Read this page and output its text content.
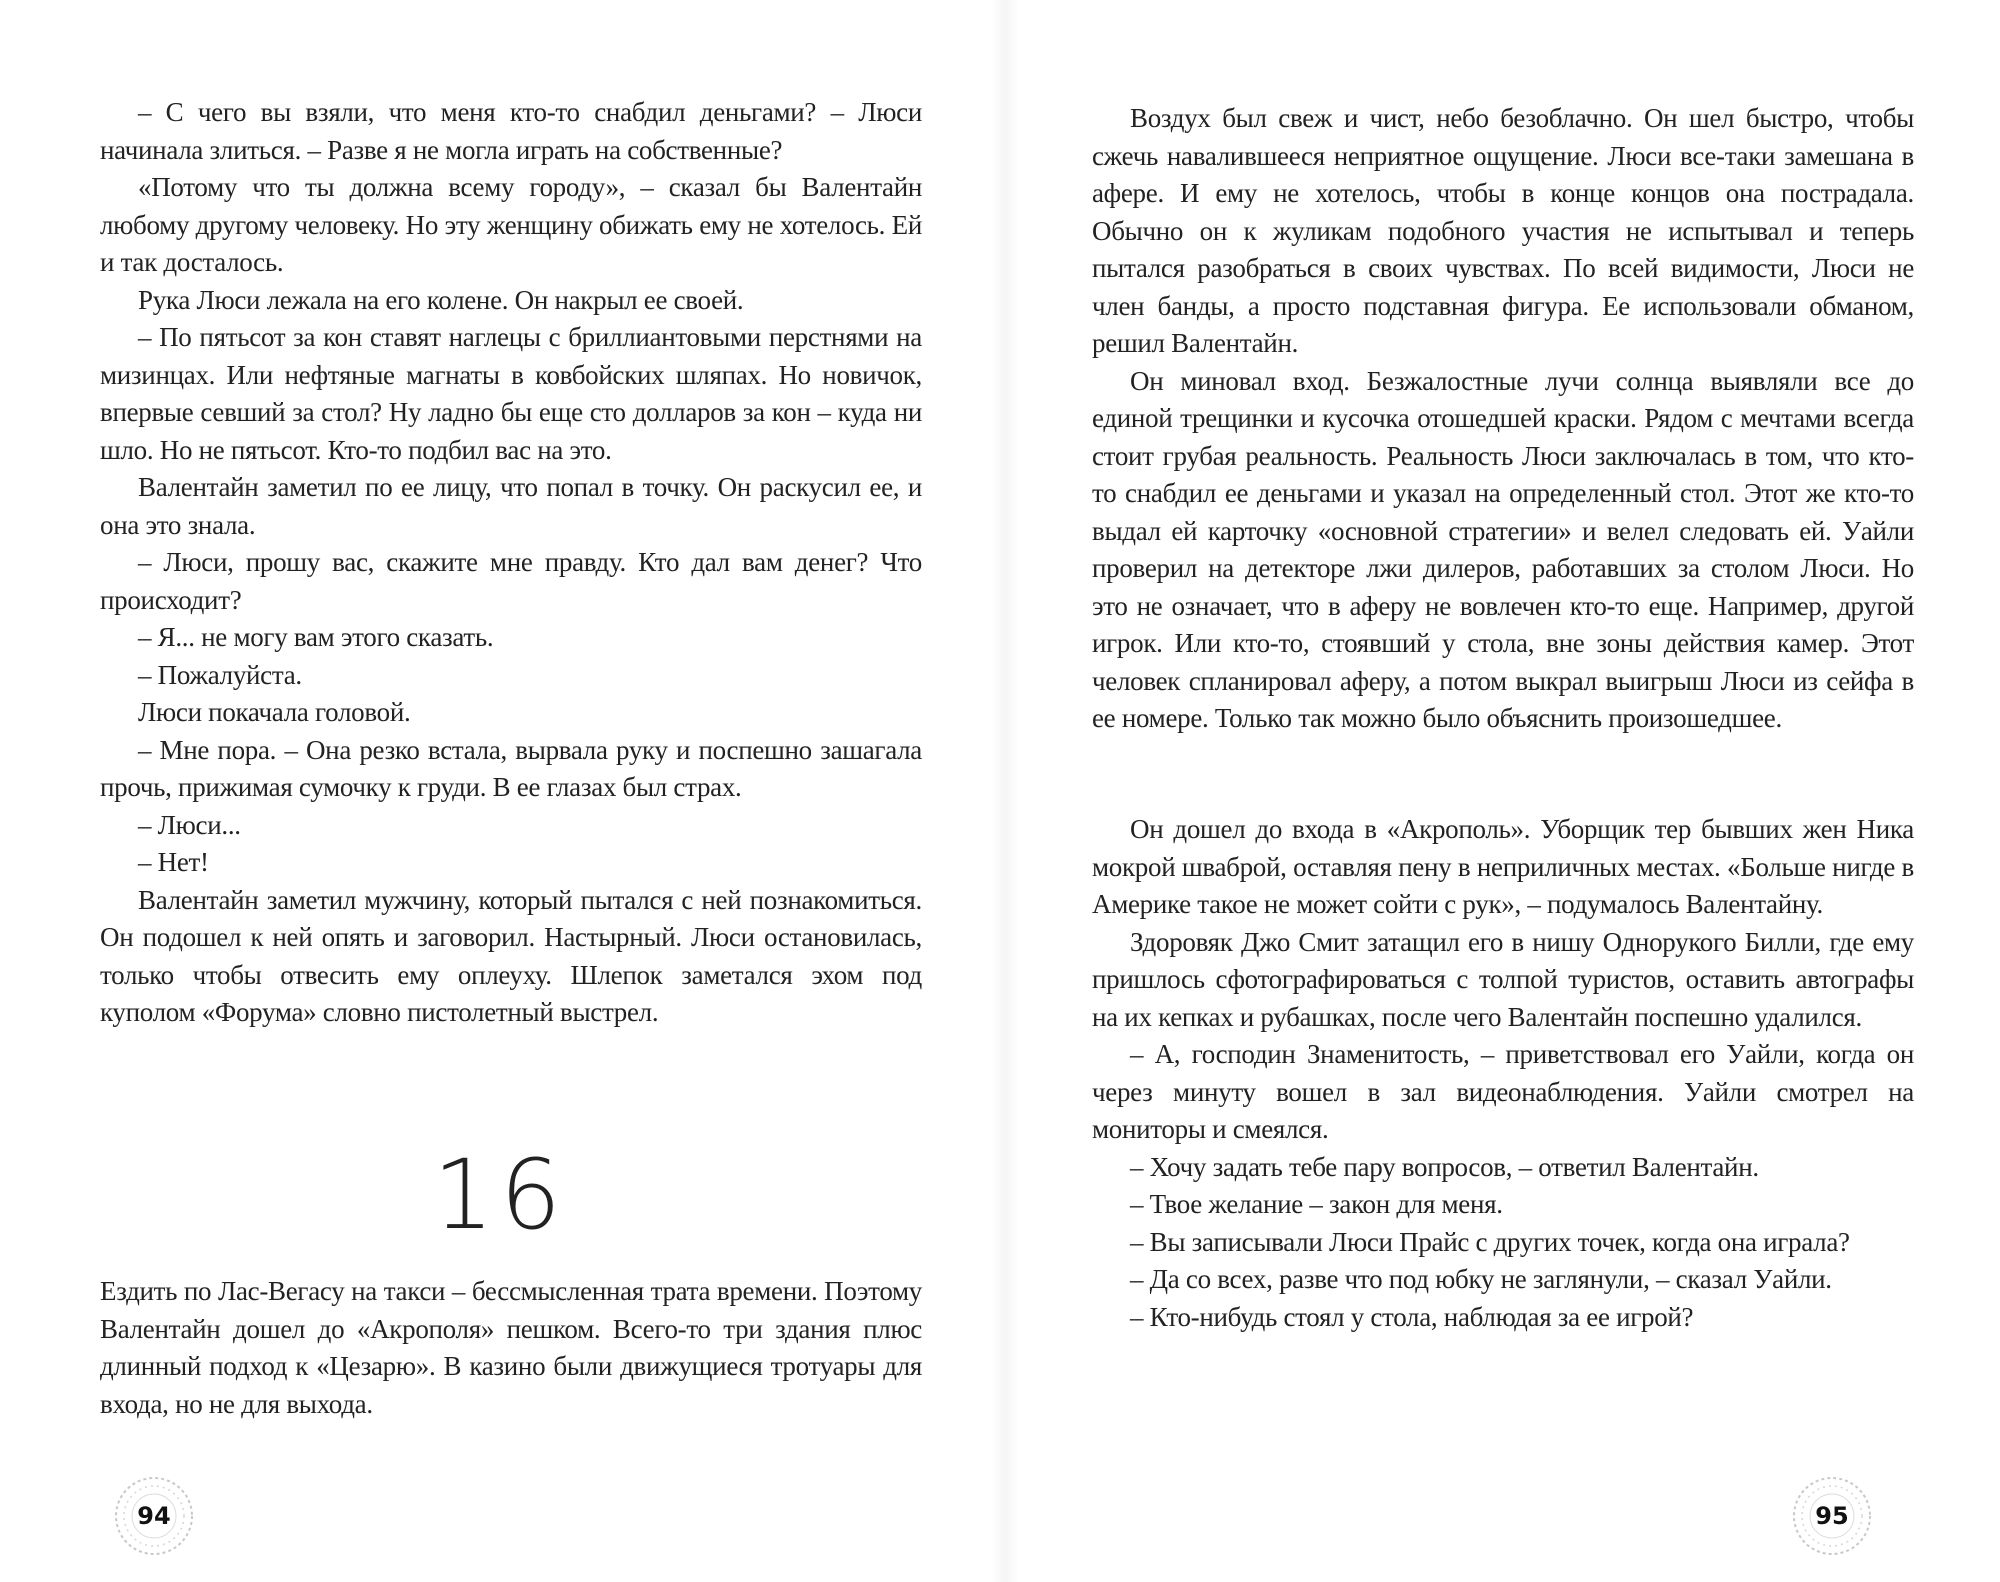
– С чего вы взяли, что меня кто-то снабдил деньгами? – Люси начинала злиться. – Разве я не могла играть на собственные?

«Потому что ты должна всему городу», – сказал бы Валентайн любому другому человеку. Но эту женщину обижать ему не хотелось. Ей и так досталось.

Рука Люси лежала на его колене. Он накрыл ее своей.

– По пятьсот за кон ставят наглецы с бриллиантовыми перстнями на мизинцах. Или нефтяные магнаты в ковбойских шляпах. Но новичок, впервые севший за стол? Ну ладно бы еще сто долларов за кон – куда ни шло. Но не пятьсот. Кто-то подбил вас на это.

Валентайн заметил по ее лицу, что попал в точку. Он раскусил ее, и она это знала.

– Люси, прошу вас, скажите мне правду. Кто дал вам денег? Что происходит?

– Я... не могу вам этого сказать.

– Пожалуйста.

Люси покачала головой.

– Мне пора. – Она резко встала, вырвала руку и поспешно зашагала прочь, прижимая сумочку к груди. В ее глазах был страх.

– Люси...

– Нет!

Валентайн заметил мужчину, который пытался с ней познакомиться. Он подошел к ней опять и заговорил. Настырный. Люси остановилась, только чтобы отвесить ему оплеуху. Шлепок заметался эхом под куполом «Форума» словно пистолетный выстрел.

16

Ездить по Лас-Вегасу на такси – бессмысленная трата времени. Поэтому Валентайн дошел до «Акрополя» пешком. Всего-то три здания плюс длинный подход к «Цезарю». В казино были движущиеся тротуары для входа, но не для выхода.

94

Воздух был свеж и чист, небо безоблачно. Он шел быстро, чтобы сжечь навалившееся неприятное ощущение. Люси все-таки замешана в афере. И ему не хотелось, чтобы в конце концов она пострадала. Обычно он к жуликам подобного участия не испытывал и теперь пытался разобраться в своих чувствах. По всей видимости, Люси не член банды, а просто подставная фигура. Ее использовали обманом, решил Валентайн.

Он миновал вход. Безжалостные лучи солнца выявляли все до единой трещинки и кусочка отошедшей краски. Рядом с мечтами всегда стоит грубая реальность. Реальность Люси заключалась в том, что кто-то снабдил ее деньгами и указал на определенный стол. Этот же кто-то выдал ей карточку «основной стратегии» и велел следовать ей. Уайли проверил на детекторе лжи дилеров, работавших за столом Люси. Но это не означает, что в аферу не вовлечен кто-то еще. Например, другой игрок. Или кто-то, стоявший у стола, вне зоны действия камер. Этот человек спланировал аферу, а потом выкрал выигрыш Люси из сейфа в ее номере. Только так можно было объяснить произошедшее.

Он дошел до входа в «Акрополь». Уборщик тер бывших жен Ника мокрой шваброй, оставляя пену в неприличных местах. «Больше нигде в Америке такое не может сойти с рук», – подумалось Валентайну.

Здоровяк Джо Смит затащил его в нишу Однорукого Билли, где ему пришлось сфотографироваться с толпой туристов, оставить автографы на их кепках и рубашках, после чего Валентайн поспешно удалился.

– А, господин Знаменитость, – приветствовал его Уайли, когда он через минуту вошел в зал видеонаблюдения. Уайли смотрел на мониторы и смеялся.

– Хочу задать тебе пару вопросов, – ответил Валентайн.

– Твое желание – закон для меня.

– Вы записывали Люси Прайс с других точек, когда она играла?

– Да со всех, разве что под юбку не заглянули, – сказал Уайли.

– Кто-нибудь стоял у стола, наблюдая за ее игрой?

95
